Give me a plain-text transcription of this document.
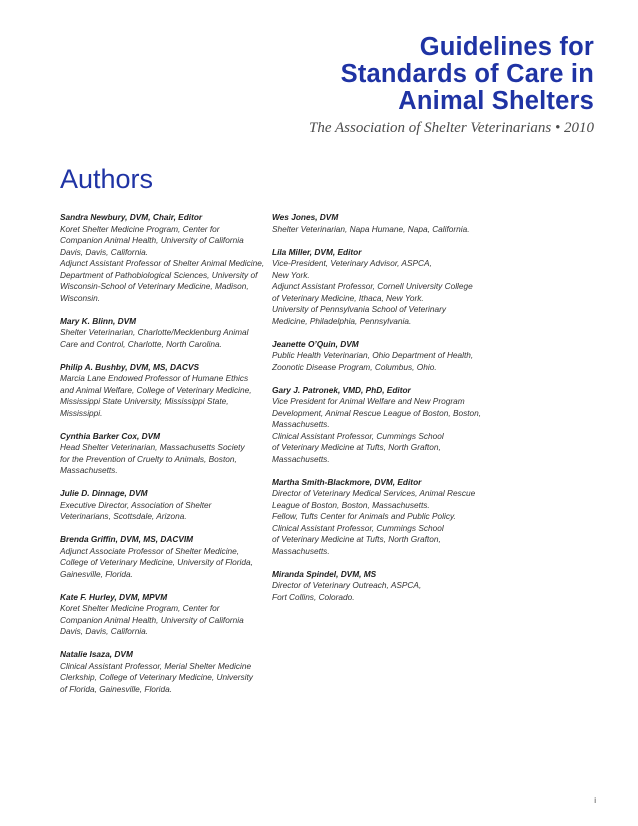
Guidelines for
Standards of Care in
Animal Shelters
The Association of Shelter Veterinarians • 2010
Authors
Sandra Newbury, DVM, Chair, Editor
Koret Shelter Medicine Program, Center for
Companion Animal Health, University of California
Davis, Davis, California.
Adjunct Assistant Professor of Shelter Animal Medicine,
Department of Pathobiological Sciences, University of
Wisconsin-School of Veterinary Medicine, Madison,
Wisconsin.
Mary K. Blinn, DVM
Shelter Veterinarian, Charlotte/Mecklenburg Animal
Care and Control, Charlotte, North Carolina.
Philip A. Bushby, DVM, MS, DACVS
Marcia Lane Endowed Professor of Humane Ethics
and Animal Welfare, College of Veterinary Medicine,
Mississippi State University, Mississippi State,
Mississippi.
Cynthia Barker Cox, DVM
Head Shelter Veterinarian, Massachusetts Society
for the Prevention of Cruelty to Animals, Boston,
Massachusetts.
Julie D. Dinnage, DVM
Executive Director, Association of Shelter
Veterinarians, Scottsdale, Arizona.
Brenda Griffin, DVM, MS, DACVIM
Adjunct Associate Professor of Shelter Medicine,
College of Veterinary Medicine, University of Florida,
Gainesville, Florida.
Kate F. Hurley, DVM, MPVM
Koret Shelter Medicine Program, Center for
Companion Animal Health, University of California
Davis, Davis, California.
Natalie Isaza, DVM
Clinical Assistant Professor, Merial Shelter Medicine
Clerkship, College of Veterinary Medicine, University
of Florida, Gainesville, Florida.
Wes Jones, DVM
Shelter Veterinarian, Napa Humane, Napa, California.
Lila Miller, DVM, Editor
Vice-President, Veterinary Advisor, ASPCA,
New York.
Adjunct Assistant Professor, Cornell University College
of Veterinary Medicine, Ithaca, New York.
University of Pennsylvania School of Veterinary
Medicine, Philadelphia, Pennsylvania.
Jeanette O’Quin, DVM
Public Health Veterinarian, Ohio Department of Health,
Zoonotic Disease Program, Columbus, Ohio.
Gary J. Patronek, VMD, PhD, Editor
Vice President for Animal Welfare and New Program
Development, Animal Rescue League of Boston, Boston,
Massachusetts.
Clinical Assistant Professor, Cummings School
of Veterinary Medicine at Tufts, North Grafton,
Massachusetts.
Martha Smith-Blackmore, DVM, Editor
Director of Veterinary Medical Services, Animal Rescue
League of Boston, Boston, Massachusetts.
Fellow, Tufts Center for Animals and Public Policy.
Clinical Assistant Professor, Cummings School
of Veterinary Medicine at Tufts, North Grafton,
Massachusetts.
Miranda Spindel, DVM, MS
Director of Veterinary Outreach, ASPCA,
Fort Collins, Colorado.
i
